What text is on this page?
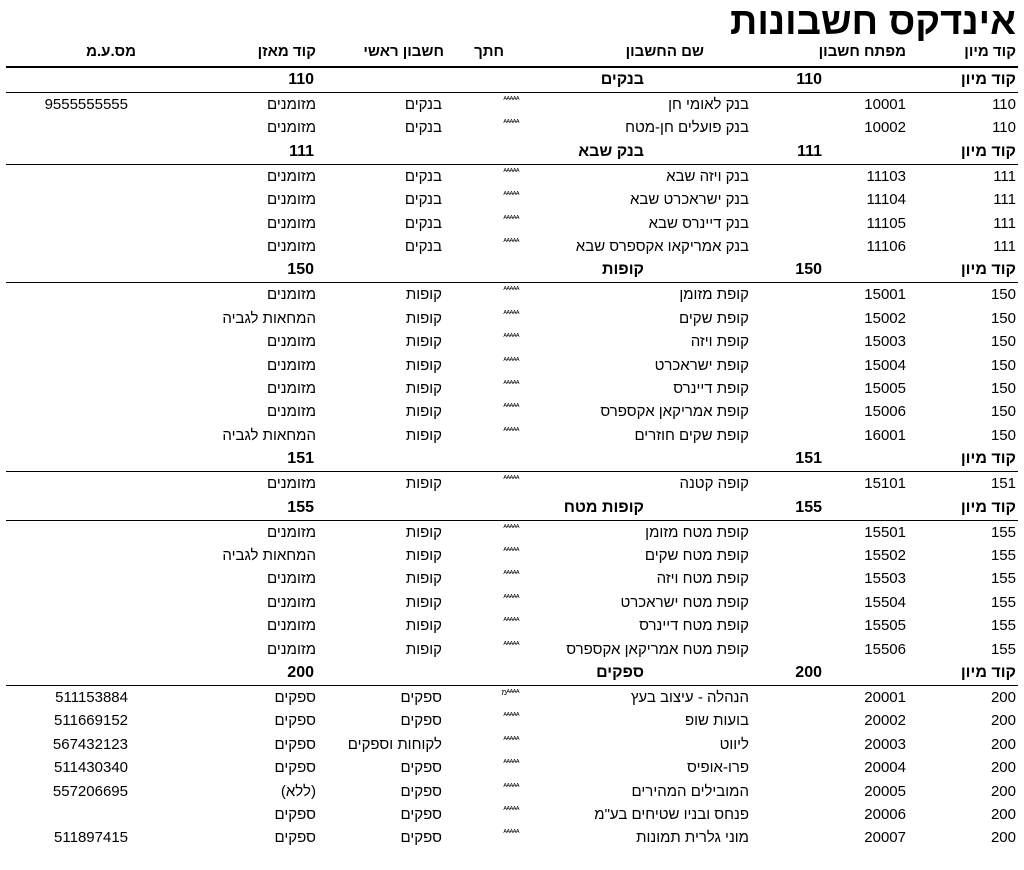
אינדקס חשבונות
קוד מיון
מפתח חשבון
שם החשבון
חתך
חשבון ראשי
קוד מאזן
מס.ע.מ
קוד מיון
110
בנקים
110
110
10001
בנק לאומי חן
ᴬᴬᴬᴬᴬ
בנקים
מזומנים
9555555555
110
10002
בנק פועלים חן-מטח
ᴬᴬᴬᴬᴬ
בנקים
מזומנים
קוד מיון
111
בנק שבא
111
111
11103
בנק ויזה שבא
ᴬᴬᴬᴬᴬ
בנקים
מזומנים
111
11104
בנק ישראכרט שבא
ᴬᴬᴬᴬᴬ
בנקים
מזומנים
111
11105
בנק דיינרס שבא
ᴬᴬᴬᴬᴬ
בנקים
מזומנים
111
11106
בנק אמריקאו אקספרס שבא
ᴬᴬᴬᴬᴬ
בנקים
מזומנים
קוד מיון
150
קופות
150
150
15001
קופת מזומן
ᴬᴬᴬᴬᴬ
קופות
מזומנים
150
15002
קופת שקים
ᴬᴬᴬᴬᴬ
קופות
המחאות לגביה
150
15003
קופת ויזה
ᴬᴬᴬᴬᴬ
קופות
מזומנים
150
15004
קופת ישראכרט
ᴬᴬᴬᴬᴬ
קופות
מזומנים
150
15005
קופת דיינרס
ᴬᴬᴬᴬᴬ
קופות
מזומנים
150
15006
קופת אמריקאן אקספרס
ᴬᴬᴬᴬᴬ
קופות
מזומנים
150
16001
קופת שקים חוזרים
ᴬᴬᴬᴬᴬ
קופות
המחאות לגביה
קוד מיון
151
151
151
15101
קופה קטנה
ᴬᴬᴬᴬᴬ
קופות
מזומנים
קוד מיון
155
קופות מטח
155
155
15501
קופת מטח מזומן
ᴬᴬᴬᴬᴬ
קופות
מזומנים
155
15502
קופת מטח שקים
ᴬᴬᴬᴬᴬ
קופות
המחאות לגביה
155
15503
קופת מטח ויזה
ᴬᴬᴬᴬᴬ
קופות
מזומנים
155
15504
קופת מטח ישראכרט
ᴬᴬᴬᴬᴬ
קופות
מזומנים
155
15505
קופת מטח דיינרס
ᴬᴬᴬᴬᴬ
קופות
מזומנים
155
15506
קופת מטח אמריקאן אקספרס
ᴬᴬᴬᴬᴬ
קופות
מזומנים
קוד מיון
200
ספקים
200
200
20001
הנהלה - עיצוב בעץ
מᴬᴬᴬᴬ
ספקים
ספקים
511153884
200
20002
בועות שופ
ᴬᴬᴬᴬᴬ
ספקים
ספקים
511669152
200
20003
ליווט
ᴬᴬᴬᴬᴬ
לקוחות וספקים
ספקים
567432123
200
20004
פרו-אופיס
ᴬᴬᴬᴬᴬ
ספקים
ספקים
511430340
200
20005
המובילים המהירים
ᴬᴬᴬᴬᴬ
ספקים
(ללא)
557206695
200
20006
פנחס ובניו שטיחים בע"מ
ᴬᴬᴬᴬᴬ
ספקים
ספקים
200
20007
מוני גלרית תמונות
ᴬᴬᴬᴬᴬ
ספקים
ספקים
511897415
